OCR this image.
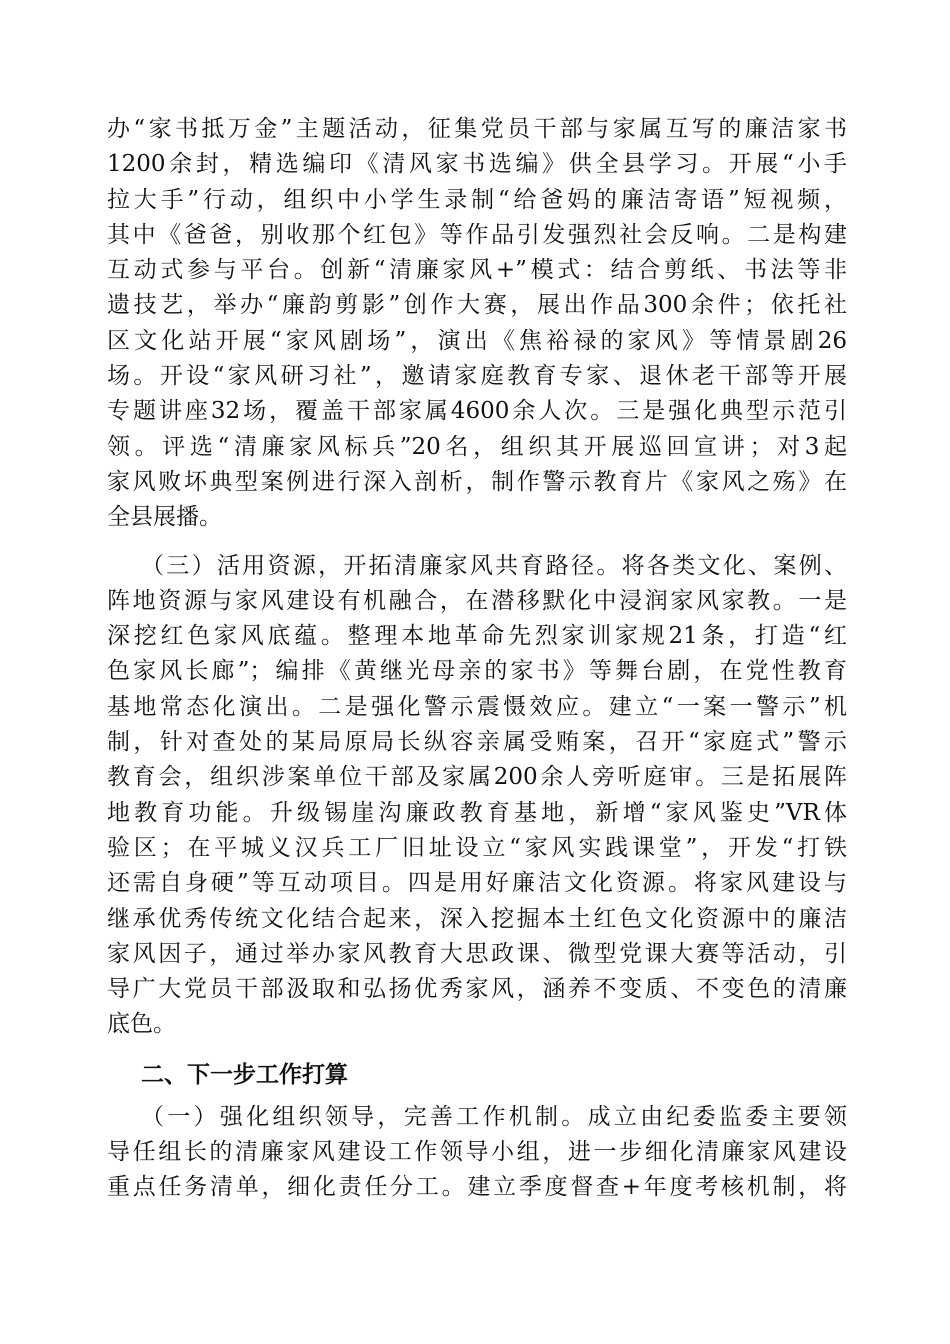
办“家书抵万金”主题活动，征集党员干部与家属互写的廉洁家书
1200余封，精选编印《清风家书选编》供全县学习。开展“小手
拉大手”行动，组织中小学生录制“给爸妈的廉洁寄语”短视频，
其中《爸爸，别收那个红包》等作品引发强烈社会反响。二是构建
互动式参与平台。创新“清廉家风+”模式：结合剪纸、书法等非
遗技艺，举办“廉韵剪影”创作大赛，展出作品300余件；依托社
区文化站开展“家风剧场”，演出《焦裕禄的家风》等情景剧26
场。开设“家风研习社”，邀请家庭教育专家、退休老干部等开展
专题讲座32场，覆盖干部家属4600余人次。三是强化典型示范引
领。评选“清廉家风标兵”20名，组织其开展巡回宣讲；对3起
家风败坏典型案例进行深入剖析，制作警示教育片《家风之殇》在
全县展播。
（三）活用资源，开拓清廉家风共育路径。将各类文化、案例、
阵地资源与家风建设有机融合，在潜移默化中浸润家风家教。一是
深挖红色家风底蕴。整理本地革命先烈家训家规21条，打造“红
色家风长廊”；编排《黄继光母亲的家书》等舞台剧，在党性教育
基地常态化演出。二是强化警示震慑效应。建立“一案一警示”机
制，针对查处的某局原局长纵容亲属受贿案，召开“家庭式”警示
教育会，组织涉案单位干部及家属200余人旁听庭审。三是拓展阵
地教育功能。升级锡崖沟廉政教育基地，新增“家风鉴史”VR体
验区；在平城义汉兵工厂旧址设立“家风实践课堂”，开发“打铁
还需自身硬”等互动项目。四是用好廉洁文化资源。将家风建设与
继承优秀传统文化结合起来，深入挖掘本土红色文化资源中的廉洁
家风因子，通过举办家风教育大思政课、微型党课大赛等活动，引
导广大党员干部汲取和弘扬优秀家风，涵养不变质、不变色的清廉
底色。
二、下一步工作打算
（一）强化组织领导，完善工作机制。成立由纪委监委主要领
导任组长的清廉家风建设工作领导小组，进一步细化清廉家风建设
重点任务清单，细化责任分工。建立季度督查+年度考核机制，将
